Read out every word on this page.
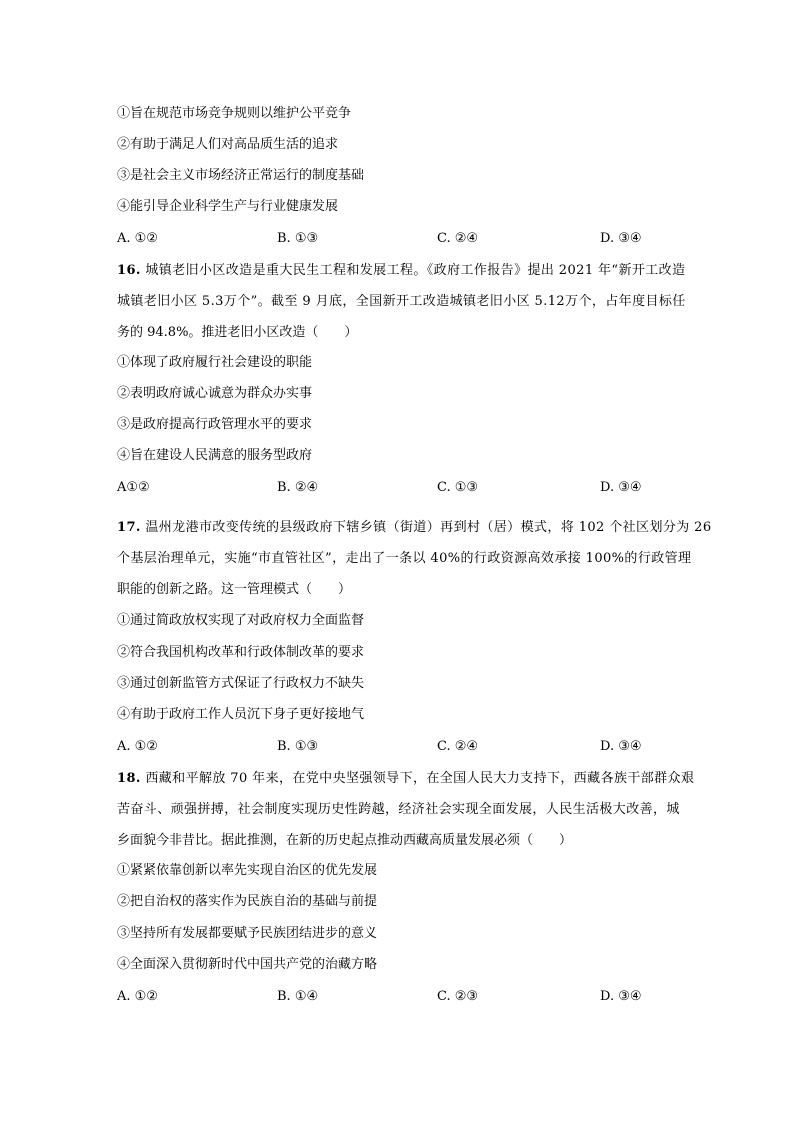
①旨在规范市场竞争规则以维护公平竞争
②有助于满足人们对高品质生活的追求
③是社会主义市场经济正常运行的制度基础
④能引导企业科学生产与行业健康发展
A. ①②	B. ①③	C. ②④	D. ③④
16. 城镇老旧小区改造是重大民生工程和发展工程。《政府工作报告》提出 2021 年“新开工改造
城镇老旧小区 5.3万个”。截至 9 月底，全国新开工改造城镇老旧小区 5.12万个，占年度目标任
务的 94.8%。推进老旧小区改造（　　）
①体现了政府履行社会建设的职能
②表明政府诚心诚意为群众办实事
③是政府提高行政管理水平的要求
④旨在建设人民满意的服务型政府
A①②	B. ②④	C. ①③	D. ③④
17. 温州龙港市改变传统的县级政府下辖乡镇（街道）再到村（居）模式，将 102 个社区划分为 26
个基层治理单元，实施“市直管社区”，走出了一条以 40%的行政资源高效承接 100%的行政管理
职能的创新之路。这一管理模式（　　）
①通过简政放权实现了对政府权力全面监督
②符合我国机构改革和行政体制改革的要求
③通过创新监管方式保证了行政权力不缺失
④有助于政府工作人员沉下身子更好接地气
A. ①②	B. ①③	C. ②④	D. ③④
18. 西藏和平解放 70 年来，在党中央坚强领导下，在全国人民大力支持下，西藏各族干部群众艰
苦奋斗、顽强拼搏，社会制度实现历史性跨越，经济社会实现全面发展，人民生活极大改善，城
乡面貌今非昔比。据此推测，在新的历史起点推动西藏高质量发展必须（　　）
①紧紧依靠创新以率先实现自治区的优先发展
②把自治权的落实作为民族自治的基础与前提
③坚持所有发展都要赋予民族团结进步的意义
④全面深入贯彻新时代中国共产党的治藏方略
A. ①②	B. ①④	C. ②③	D. ③④
